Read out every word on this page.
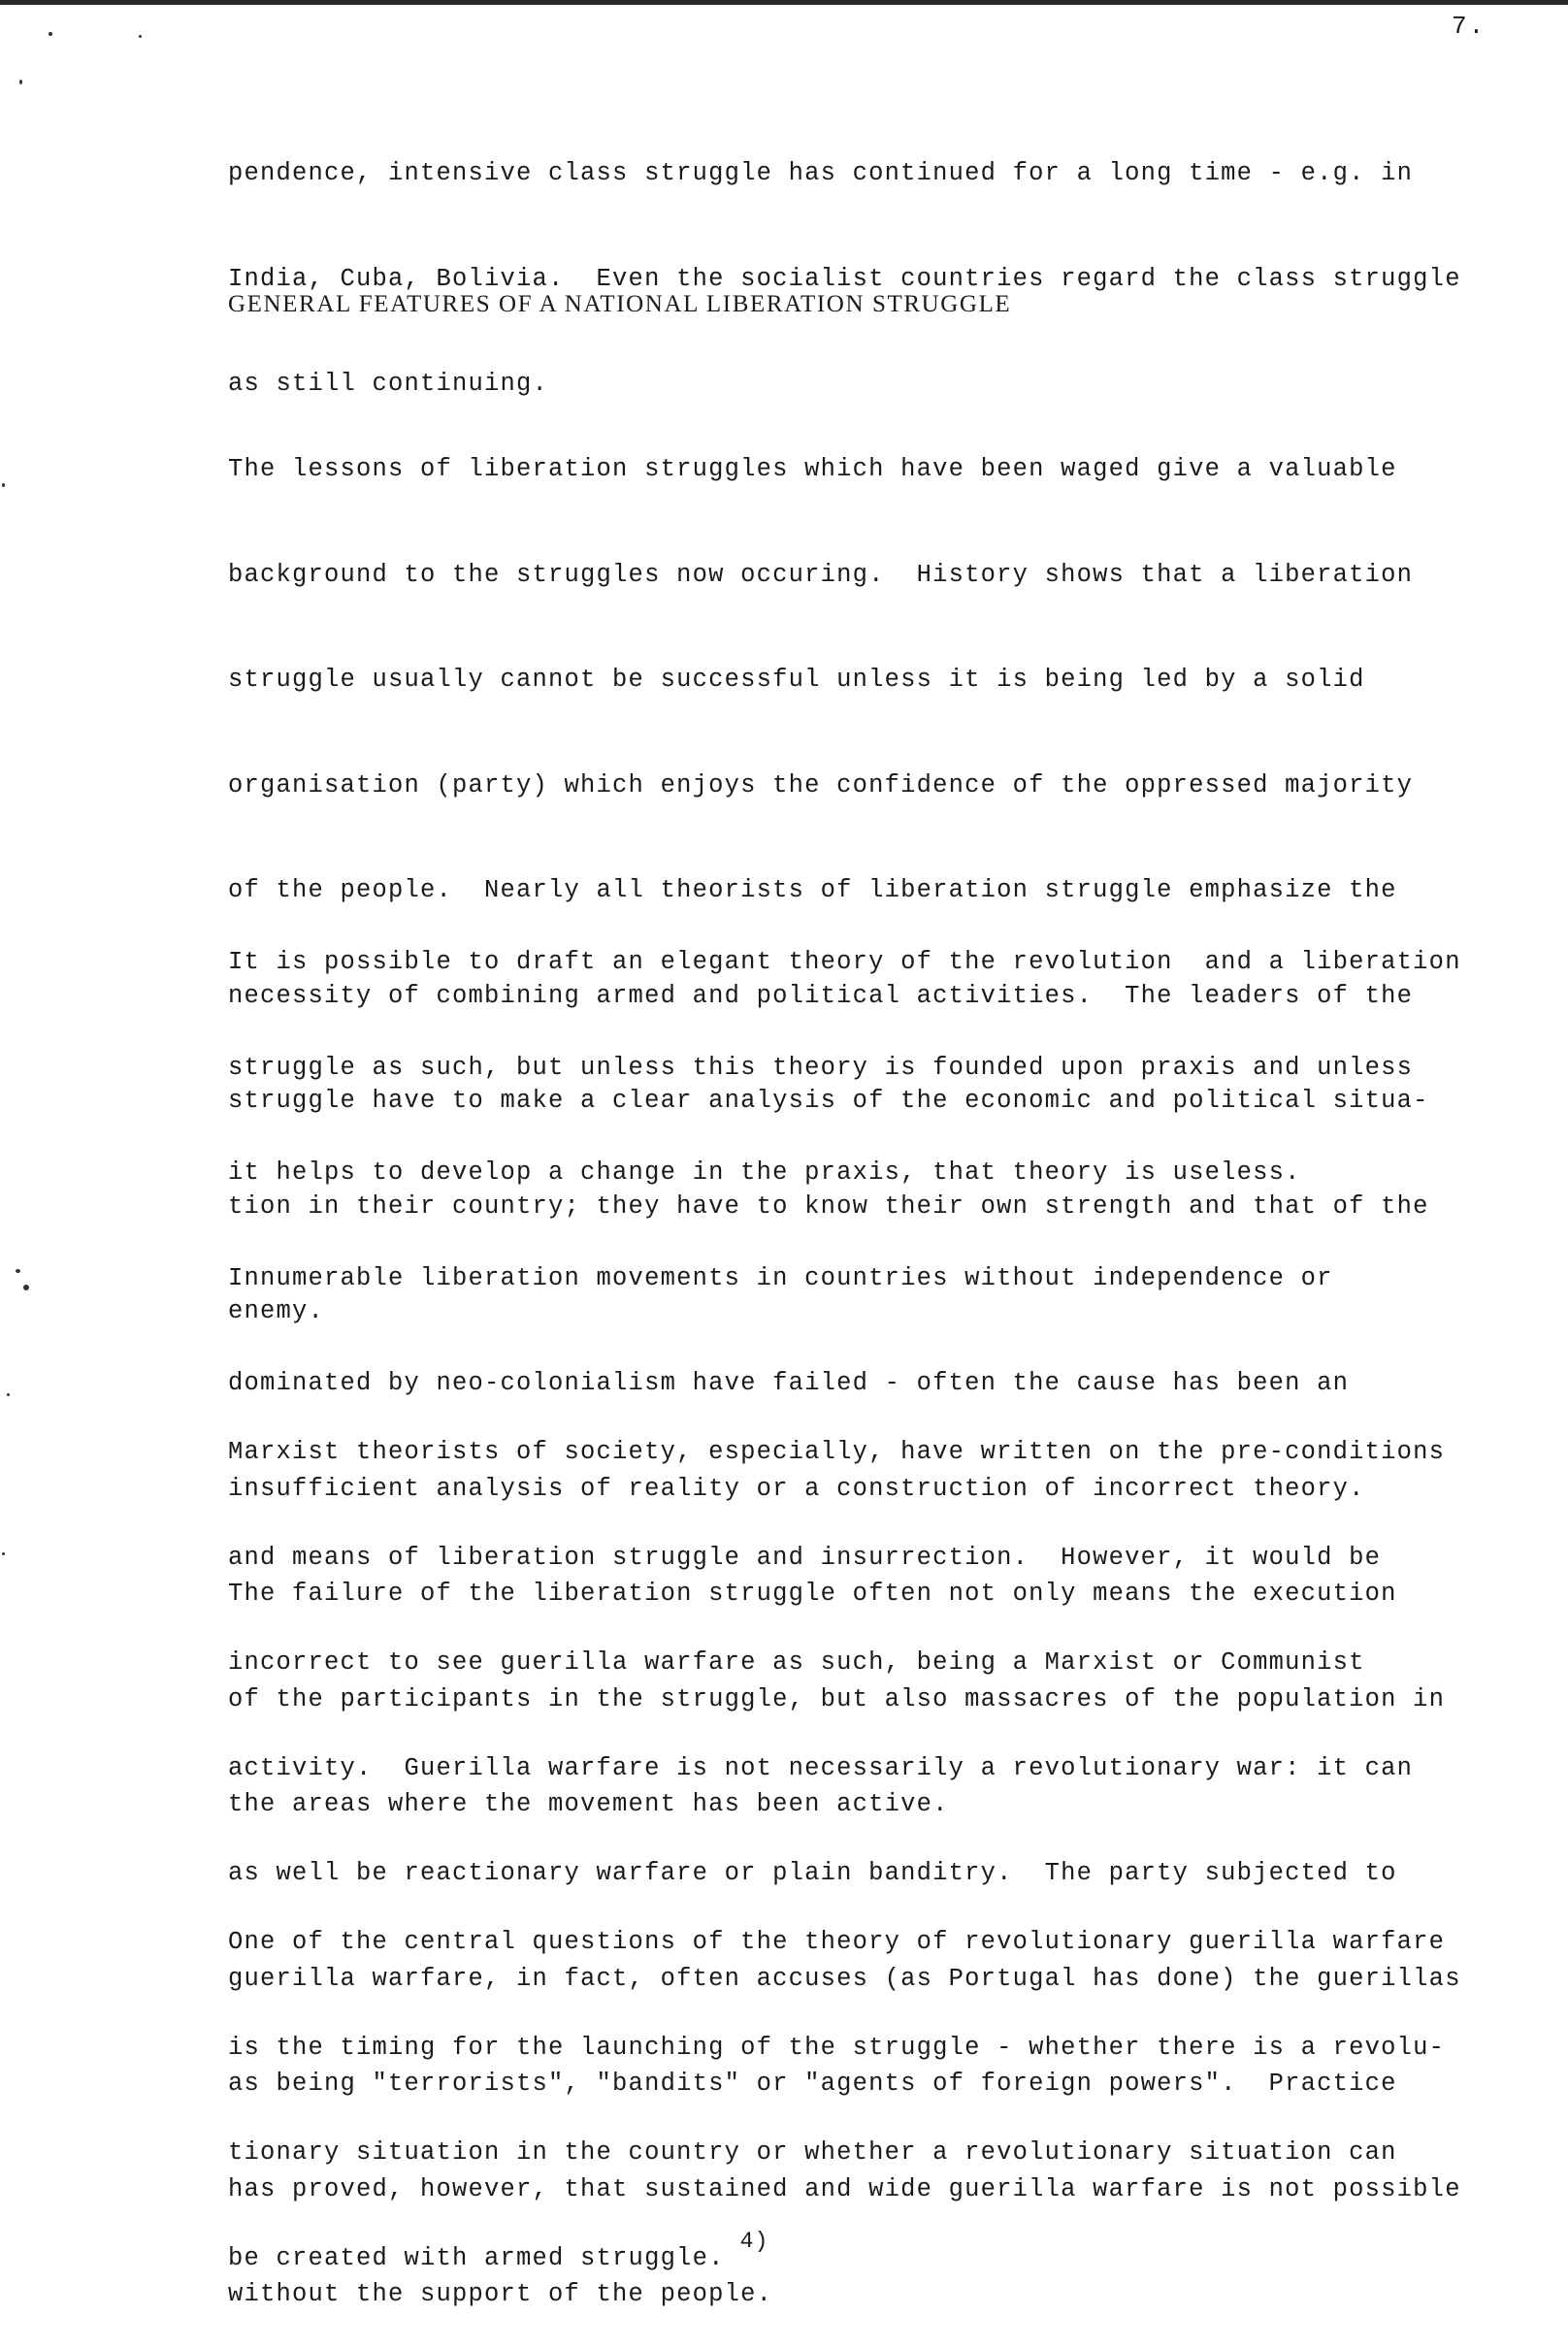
7.

pendence, intensive class struggle has continued for a long time - e.g. in

India, Cuba, Bolivia.  Even the socialist countries regard the class struggle

as still continuing.

GENERAL FEATURES OF A NATIONAL LIBERATION STRUGGLE

The lessons of liberation struggles which have been waged give a valuable

background to the struggles now occuring.  History shows that a liberation

struggle usually cannot be successful unless it is being led by a solid

organisation (party) which enjoys the confidence of the oppressed majority

of the people.  Nearly all theorists of liberation struggle emphasize the

necessity of combining armed and political activities.  The leaders of the

struggle have to make a clear analysis of the economic and political situa-

tion in their country; they have to know their own strength and that of the

enemy.

It is possible to draft an elegant theory of the revolution  and a liberation

struggle as such, but unless this theory is founded upon praxis and unless

it helps to develop a change in the praxis, that theory is useless.

Innumerable liberation movements in countries without independence or

dominated by neo-colonialism have failed - often the cause has been an

insufficient analysis of reality or a construction of incorrect theory.

The failure of the liberation struggle often not only means the execution

of the participants in the struggle, but also massacres of the population in

the areas where the movement has been active.

Marxist theorists of society, especially, have written on the pre-conditions

and means of liberation struggle and insurrection.  However, it would be

incorrect to see guerilla warfare as such, being a Marxist or Communist

activity.  Guerilla warfare is not necessarily a revolutionary war: it can

as well be reactionary warfare or plain banditry.  The party subjected to

guerilla warfare, in fact, often accuses (as Portugal has done) the guerillas

as being "terrorists", "bandits" or "agents of foreign powers".  Practice

has proved, however, that sustained and wide guerilla warfare is not possible

without the support of the people.

One of the central questions of the theory of revolutionary guerilla warfare

is the timing for the launching of the struggle - whether there is a revolu-

tionary situation in the country or whether a revolutionary situation can

be created with armed struggle.4)
